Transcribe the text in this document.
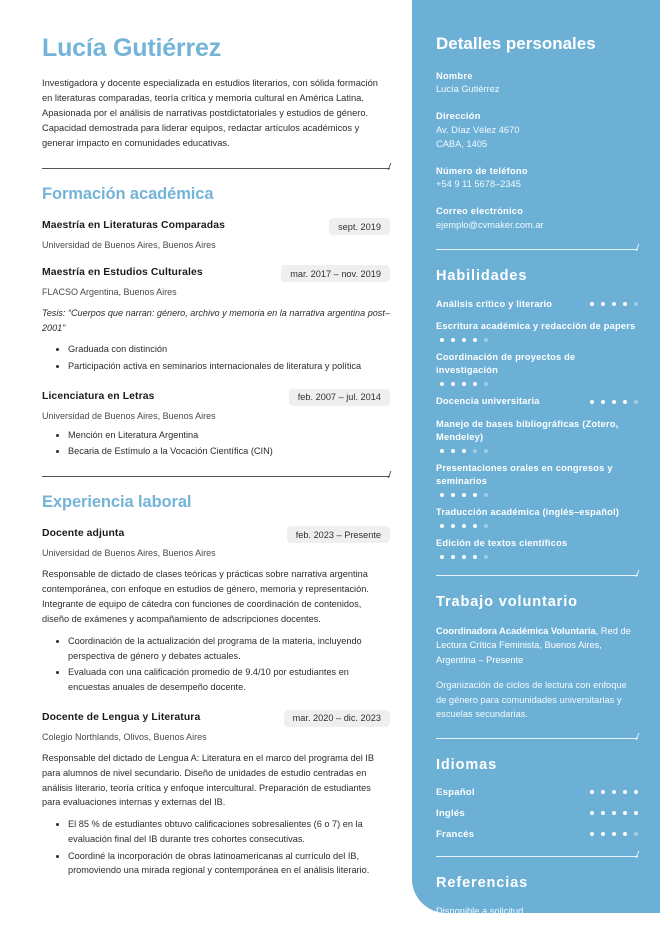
Lucía Gutiérrez
Investigadora y docente especializada en estudios literarios, con sólida formación en literaturas comparadas, teoría crítica y memoria cultural en América Latina. Apasionada por el análisis de narrativas postdictatoriales y estudios de género. Capacidad demostrada para liderar equipos, redactar artículos académicos y generar impacto en comunidades educativas.
Formación académica
Maestría en Literaturas Comparadas	sept. 2019
Universidad de Buenos Aires, Buenos Aires
Maestría en Estudios Culturales	mar. 2017 – nov. 2019
FLACSO Argentina, Buenos Aires
Tesis: “Cuerpos que narran: género, archivo y memoria en la narrativa argentina post–2001”
• Graduada con distinción
• Participación activa en seminarios internacionales de literatura y política
Licenciatura en Letras	feb. 2007 – jul. 2014
Universidad de Buenos Aires, Buenos Aires
• Mención en Literatura Argentina
• Becaria de Estímulo a la Vocación Científica (CIN)
Experiencia laboral
Docente adjunta	feb. 2023 – Presente
Universidad de Buenos Aires, Buenos Aires
Responsable de dictado de clases teóricas y prácticas sobre narrativa argentina contemporánea, con enfoque en estudios de género, memoria y representación. Integrante de equipo de cátedra con funciones de coordinación de contenidos, diseño de exámenes y acompañamiento de adscripciones docentes.
• Coordinación de la actualización del programa de la materia, incluyendo perspectiva de género y debates actuales.
• Evaluada con una calificación promedio de 9.4/10 por estudiantes en encuestas anuales de desempeño docente.
Docente de Lengua y Literatura	mar. 2020 – dic. 2023
Colegio Northlands, Olivos, Buenos Aires
Responsable del dictado de Lengua A: Literatura en el marco del programa del IB para alumnos de nivel secundario. Diseño de unidades de estudio centradas en análisis literario, teoría crítica y enfoque intercultural. Preparación de estudiantes para evaluaciones internas y externas del IB.
• El 85 % de estudiantes obtuvo calificaciones sobresalientes (6 o 7) en la evaluación final del IB durante tres cohortes consecutivas.
• Coordiné la incorporación de obras latinoamericanas al currículo del IB, promoviendo una mirada regional y contemporánea en el análisis literario.
Detalles personales
Nombre
Lucía Gutiérrez
Dirección
Av. Díaz Vélez 4670
CABA, 1405
Número de teléfono
+54 9 11 5678–2345
Correo electrónico
ejemplo@cvmaker.com.ar
Habilidades
Análisis crítico y literario
Escritura académica y redacción de papers
Coordinación de proyectos de investigación
Docencia universitaria
Manejo de bases bibliográficas (Zotero, Mendeley)
Presentaciones orales en congresos y seminarios
Traducción académica (inglés–español)
Edición de textos científicos
Trabajo voluntario
Coordinadora Académica Voluntaria, Red de Lectura Crítica Feminista, Buenos Aires, Argentina – Presente
Organización de ciclos de lectura con enfoque de género para comunidades universitarias y escuelas secundarias.
Idiomas
Español
Inglés
Francés
Referencias
Disponible a solicitud
